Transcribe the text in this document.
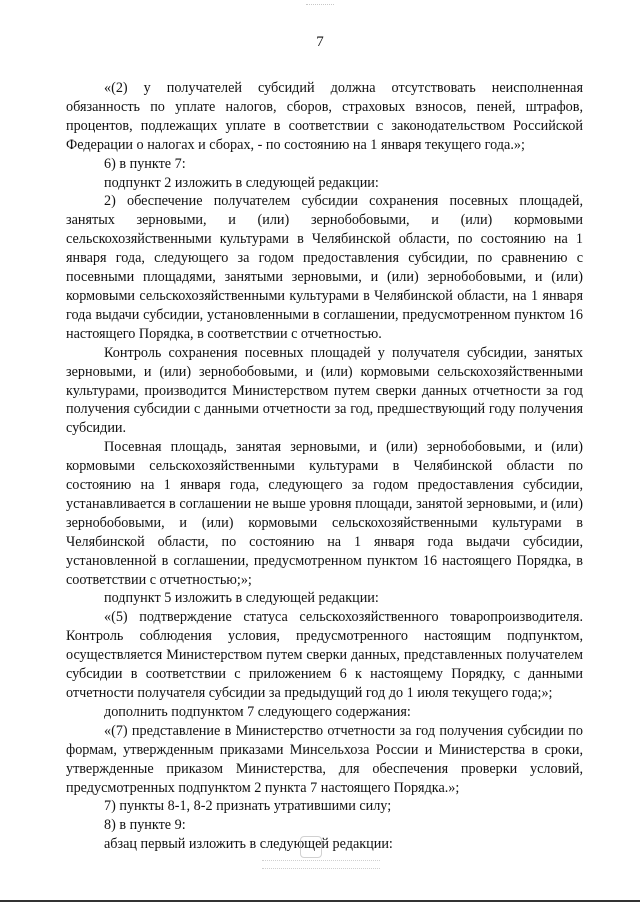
7

«(2) у получателей субсидий должна отсутствовать неисполненная обязанность по уплате налогов, сборов, страховых взносов, пеней, штрафов, процентов, подлежащих уплате в соответствии с законодательством Российской Федерации о налогах и сборах, - по состоянию на 1 января текущего года.»;

6) в пункте 7:

подпункт 2 изложить в следующей редакции:

2) обеспечение получателем субсидии сохранения посевных площадей, занятых зерновыми, и (или) зернобобовыми, и (или) кормовыми сельскохозяйственными культурами в Челябинской области, по состоянию на 1 января года, следующего за годом предоставления субсидии, по сравнению с посевными площадями, занятыми зерновыми, и (или) зернобобовыми, и (или) кормовыми сельскохозяйственными культурами в Челябинской области, на 1 января года выдачи субсидии, установленными в соглашении, предусмотренном пунктом 16 настоящего Порядка, в соответствии с отчетностью.

Контроль сохранения посевных площадей у получателя субсидии, занятых зерновыми, и (или) зернобобовыми, и (или) кормовыми сельскохозяйственными культурами, производится Министерством путем сверки данных отчетности за год получения субсидии с данными отчетности за год, предшествующий году получения субсидии.

Посевная площадь, занятая зерновыми, и (или) зернобобовыми, и (или) кормовыми сельскохозяйственными культурами в Челябинской области по состоянию на 1 января года, следующего за годом предоставления субсидии, устанавливается в соглашении не выше уровня площади, занятой зерновыми, и (или) зернобобовыми, и (или) кормовыми сельскохозяйственными культурами в Челябинской области, по состоянию на 1 января года выдачи субсидии, установленной в соглашении, предусмотренном пунктом 16 настоящего Порядка, в соответствии с отчетностью;»;

подпункт 5 изложить в следующей редакции:

«(5) подтверждение статуса сельскохозяйственного товаропроизводителя. Контроль соблюдения условия, предусмотренного настоящим подпунктом, осуществляется Министерством путем сверки данных, представленных получателем субсидии в соответствии с приложением 6 к настоящему Порядку, с данными отчетности получателя субсидии за предыдущий год до 1 июля текущего года;»;

дополнить подпунктом 7 следующего содержания:

«(7) представление в Министерство отчетности за год получения субсидии по формам, утвержденным приказами Минсельхоза России и Министерства в сроки, утвержденные приказом Министерства, для обеспечения проверки условий, предусмотренных подпунктом 2 пункта 7 настоящего Порядка.»;

7) пункты 8-1, 8-2 признать утратившими силу;

8) в пункте 9:

абзац первый изложить в следующей редакции:
